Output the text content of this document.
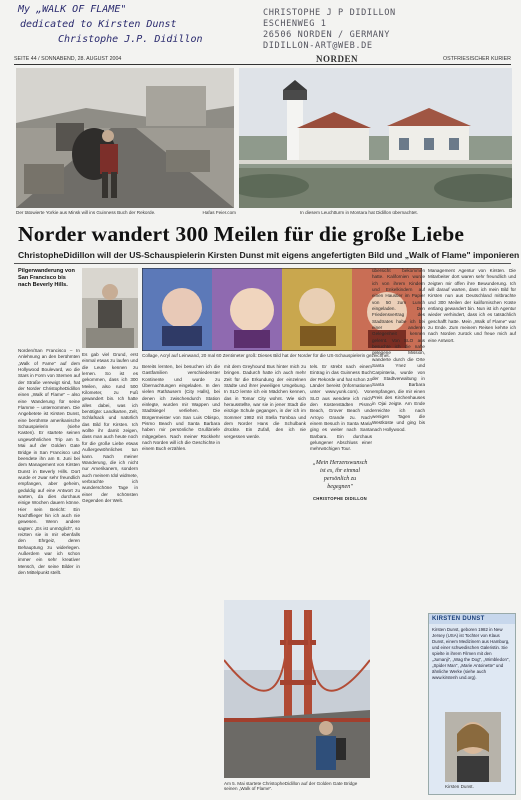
My „WALK OF FLAME"
dedicated to Kirsten Dunst
Christophe J.P. Didillon
CHRISTOPHE J P DIDILLON
ESCHENWEG 1
26506 NORDEN / GERMANY
DIDILLON-ART@WEB.DE
SEITE 44 / SONNABEND, 28. AUGUST 2004	NORDEN	OSTFRIESISCHER KURIER
Der tätowierte Yorkie aus Minsk will ins Guinness Buch der Rekorde.	Hafas Feier.com	In diesem Leuchtturm in Montara hat Didillon übernachtet.
Norder wandert 300 Meilen für die große Liebe
ChristopheDidillon will der US-Schauspielerin Kirsten Dunst mit eigens angefertigten Bild und „Walk of Flame" imponieren
Pilgerwanderung von San Francisco bis nach Beverly Hills.
Norden/San Francisco – In Anlehnung an den berühmten „Walk of Fame" auf dem Hollywood Boulevard, wo die Stars in Form von Sternen auf der Straße verewigt sind, hat der Norder ChristopheDidillon einen „Walk of Flame" – also eine Wanderung für seine Flamme – unternommen. Die Angebetete ist Kirsten Dunst, eine berühmte amerikanische Schauspielerin (siehe Kasten). Er startete seinen ungewöhnlichen Trip am 5. Mai auf der Golden Gate Bridge in San Francisco und beendete ihn am 8. Juni bei dem Management von Kirsten Dunst in Beverly Hills. Dort wurde er zwar sehr freundlich empfangen, aber geheim, geduldig auf eine Antwort zu warten, da dies durchaus einige Wochen dauern könne. Hier sein Bericht: Ein Nachtflieger hin ich auch nie gewesen. Wenn andere sagten: „Es ist unmöglich", so reizten sie in mir ebenfalls den Ehrgeiz, deren Behauptung zu widerlegen. Außerdem war ich schon immer ein sehr kreativer Mensch, der seine Bilder in den Mittelpunkt stellt.
Es gab viel Grund, erst einmal etwas zu laufen und die Leute kennen zu lernen. So ist es gekommen, dass ich 300 Meilen, also rund 500 Kilometer, zu Fuß gewandert bin. Ich hatte alles dabei, was ich benötigte: Landkarten, Zelt, Schlafsack und natürlich das Bild für Kirsten. Ich wollte ihr damit zeigen, dass man auch heute noch für die große Liebe etwas Außergewöhnliches tun kann. Nach meiner Wanderung, die ich nicht nur Amerikanern, sondern auch meinem Idol widmete, verbrachte ich wunderschöne Tage in einer der schönsten Gegenden der Welt.
Collage, Acryl auf Leinwand, 20 mal 60 Zentimeter groß: Dieses Bild hat der Norder für die US-Schauspielerin gezeichnet.
Bereits lernten, bei besuchen ich die Gastfamilien verschiedenster Kontinente und wurde zu Übernachtungen eingeladen. In den vielen Rathäusern (City Halls), bei denen ich zwischendurch Station einlegte, wurden mir Wappen und Stadtsiegel verliehen. Die Bürgermeister von San Luis Obispo, Pismo Beach und Santa Barbara haben mir persönliche Grußbriefe mitgegeben. Nach meiner Rückkehr nach Norden will ich die Geschichte in einem Buch erzählen.
mit dem Greyhound Bus hinter mich zu bringen. Dadurch hatte ich auch mehr Zeit für die Erkundung der einzelnen Städte und ihrer jeweiligen Umgebung. In SLO lernte ich ein Mädchen kennen, das in Tomar City wohnt. Wie sich herausstellte, war sie in jener Stadt die einzige Schule gegangen, in der ich im Sommer 1982 mit Stella Tomboa und dem Norder Hans die Schulbank drückte. Ein Zufall, den ich nie vergessen werde.
tels. Er strebt nach einem Eintrag in das Guinness Buch der Rekorde und hat schon 24 Länder bereist (Informationen unter www.yunk.com). Von SLO aus wendete ich mich den Küstenstädten Pismo Beach, Grover Beach und Arroyo Grande zu. Nach einem Besuch in Santa Maria ging es weiter nach Santa Barbara. Ein durchaus gelungener Abschluss einer mehrwöchigen Tour.
„Mein Herzenswunsch ist es, ihr einmal persönlich zu begegnen"
CHRISTOPHE DIDILLON
übersicht bekommen hatte. Kalifornien wurde ich von ihrem Kindern und Enkelkindern auf einen Haustier im Papier von 50 zum Lunch eingeladen. Den Friedensvertrag des Stadtrates habe ich bei einer anderen Gelegenheit kennen gelernt. Von SLO aus besuchte ich die nahe gelegene Mission, wanderte durch die Orte Santa Ynez und Carpinteria, wurde von der Stadtverwaltung in Santa Barbara empfangen, die mir einen Preis des Kirchenhauses in Ojai zeigte. Am Ende erreichte ich nach wenigen Tagen die Westküste und ging bis nach Hollywood.
Management Agentur von Kirsten. Die Mitarbeiter dort waren sehr freundlich und zeigten mir offen ihre Bewunderung. Ich will darauf warten, dass ich mein Bild für Kirsten nun aus Deutschland mitbrachte und 300 Meilen der kalifornischen Küste entlang gewandert bin. Nun ist ich Agentur wieder verhindert, dass ich es tatsächlich geschafft hatte. Mein „Walk of Flame" war zu Ende. Zum meinem Reisen kehrte ich nach Norden zurück und freue mich auf eine Antwort.
Am 5. Mai startete ChristopheDidillon auf der Golden Gate Bridge seinen „Walk of Flame".
KIRSTEN DUNST
Kirsten Dunst, geboren 1982 in New Jersey (USA) ist Tochter von Klaus Dunst, einem Medizinern aus Hamburg, und einer schwedischen Galeristin. Sie spielte in ihrem Filmen mit den „Jumanji", „Wag the Dog", „Wimbledon", „Spider Man", „Marie Antoinette" und ähnliche Werke (siehe auch www.kirstenh und.org).
Kirsten Dunst.
